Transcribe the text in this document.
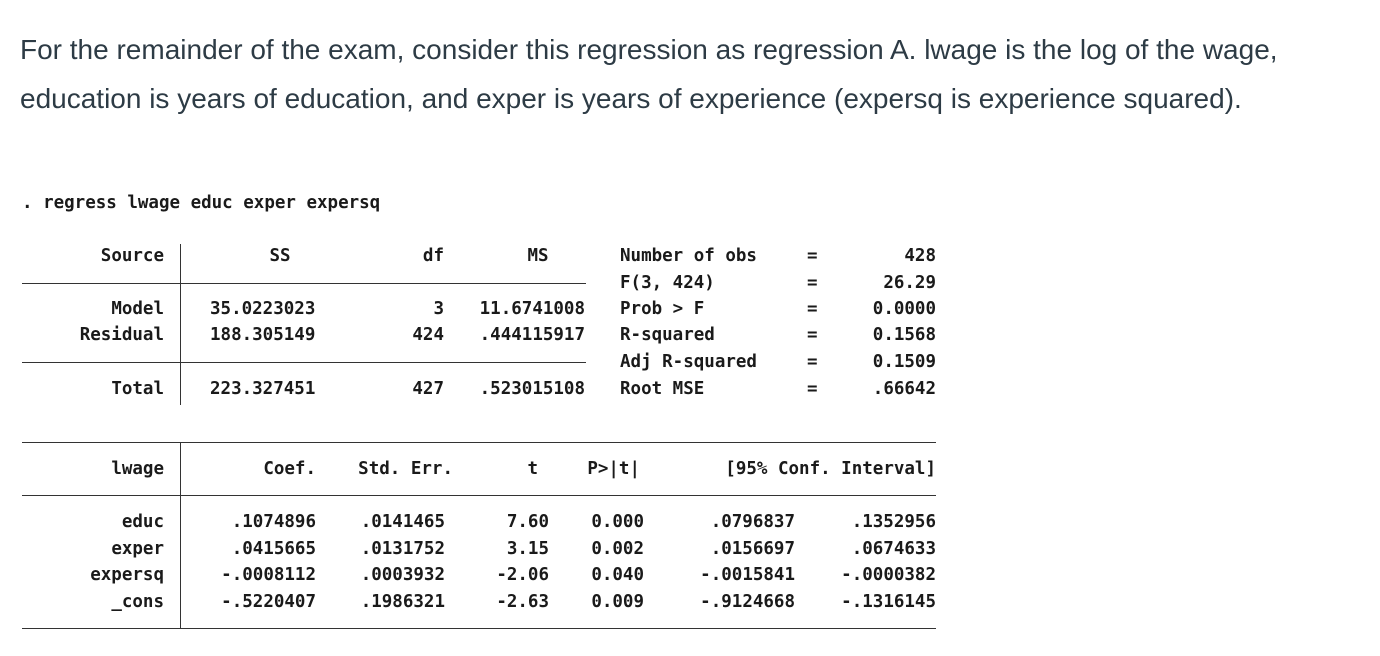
For the remainder of the exam, consider this regression as regression A. lwage is the log of the wage, education is years of education, and exper is years of experience (expersq is experience squared).

. regress lwage educ exper expersq
Source	SS	df	MS
Model	35.0223023	3 11.6741008
Residual	188.305149	424 .444115917
Total	223.327451	427 .523015108
Number of obs	=	428
F(3, 424)	=	26.29
Prob > F	=	0.0000
R-squared	=	0.1568
Adj R-squared	=	0.1509
Root MSE	=	.66642
lwage	Coef. Std. Err.	t	P>|t|	[95% Conf. Interval]
educ	.1074896	.0141465	7.60 0.000	.0796837	.1352956
exper	.0415665	.0131752	3.15 0.002	.0156697	.0674633
expersq	-.0008112	.0003932	-2.06 0.040	-.0015841	-.0000382
_cons	-.5220407	.1986321	-2.63 0.009	-.9124668	-.1316145
